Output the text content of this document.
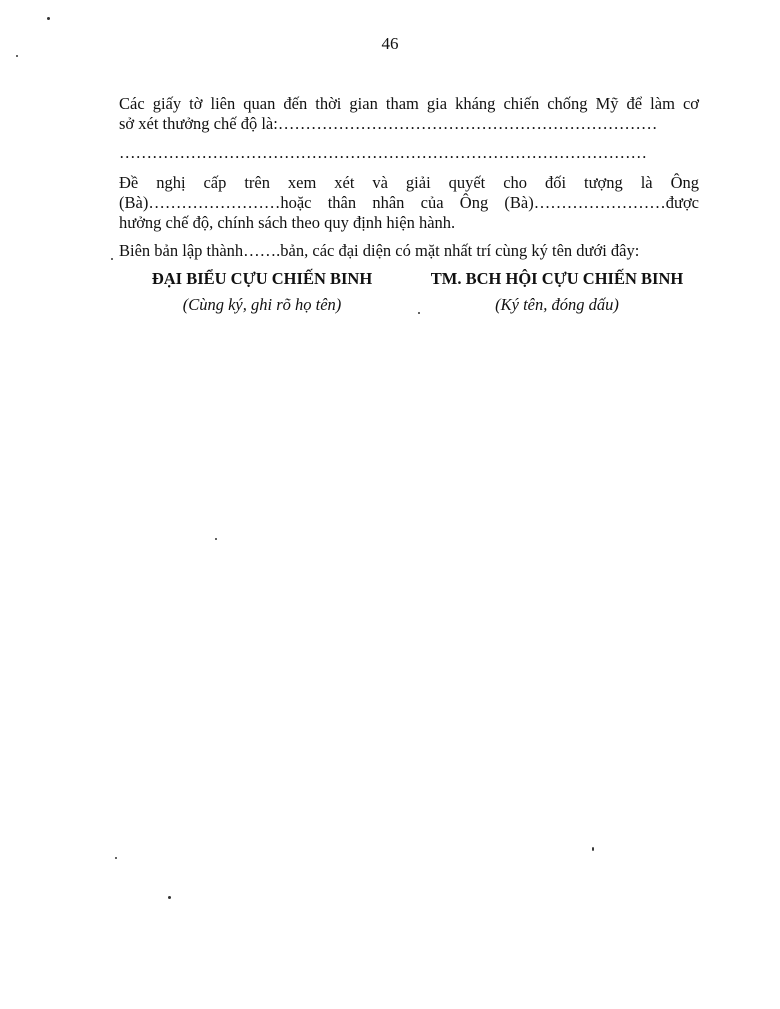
46
Các giấy tờ liên quan đến thời gian tham gia kháng chiến chống Mỹ để làm cơ
sở xét thưởng chế độ là:……………………………………………………………
……………………………………………………………………………………
Đề nghị cấp trên xem xét và giải quyết cho đối tượng là Ông
(Bà)……………………hoặc thân nhân của Ông (Bà)……………………được
hưởng chế độ, chính sách theo quy định hiện hành.
Biên bản lập thành…….bản, các đại diện có mặt nhất trí cùng ký tên dưới đây:
ĐẠI BIỂU CỰU CHIẾN BINH
(Cùng ký, ghi rõ họ tên)
TM. BCH HỘI CỰU CHIẾN BINH
(Ký tên, đóng dấu)
